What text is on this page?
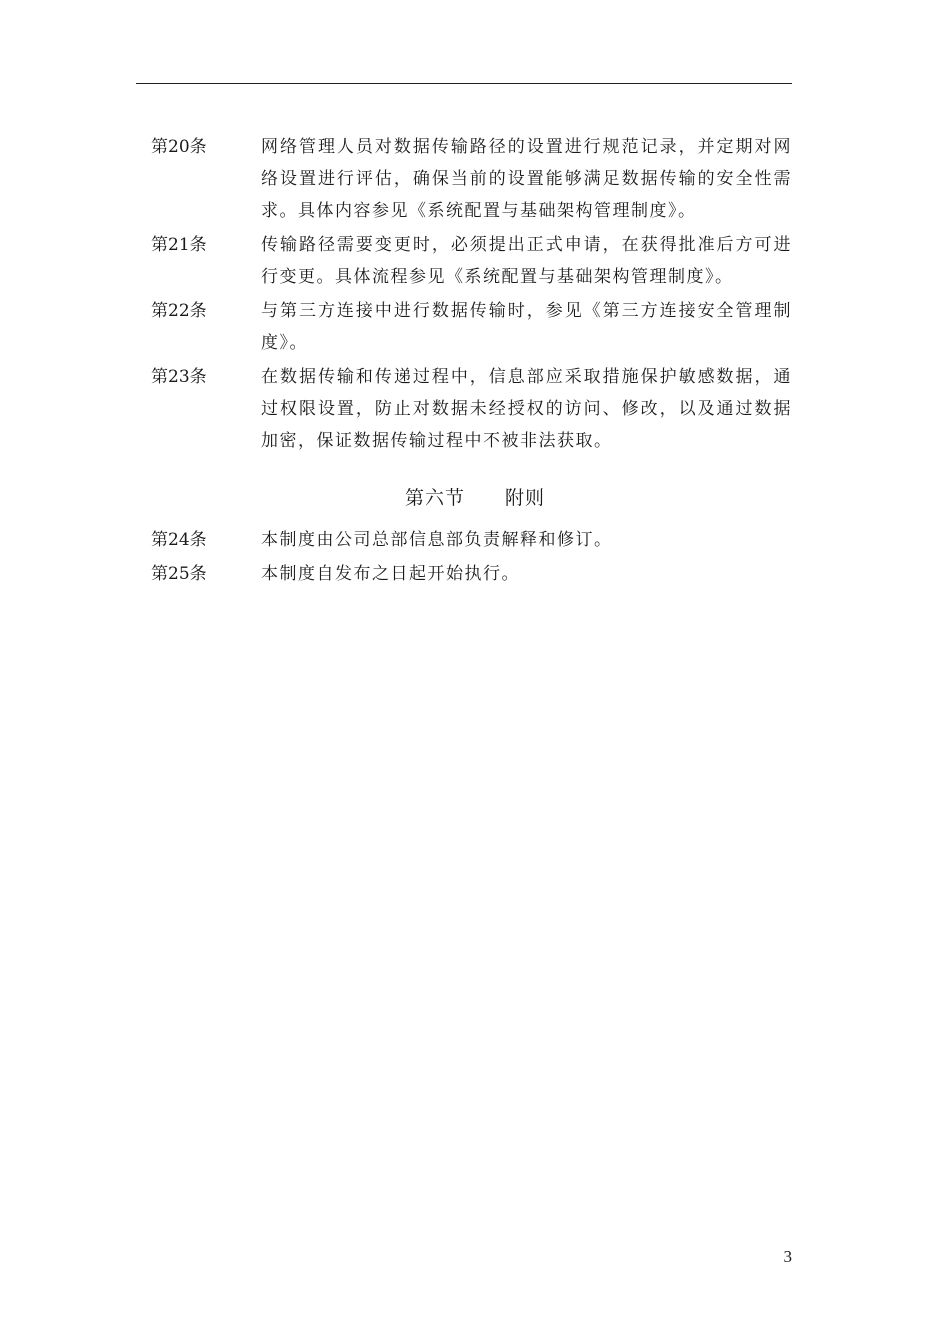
第20条	网络管理人员对数据传输路径的设置进行规范记录，并定期对网络设置进行评估，确保当前的设置能够满足数据传输的安全性需求。具体内容参见《系统配置与基础架构管理制度》。
第21条	传输路径需要变更时，必须提出正式申请，在获得批准后方可进行变更。具体流程参见《系统配置与基础架构管理制度》。
第22条	与第三方连接中进行数据传输时，参见《第三方连接安全管理制度》。
第23条	在数据传输和传递过程中，信息部应采取措施保护敏感数据，通过权限设置，防止对数据未经授权的访问、修改，以及通过数据加密，保证数据传输过程中不被非法获取。
第六节 附则
第24条	本制度由公司总部信息部负责解释和修订。
第25条	本制度自发布之日起开始执行。
3
